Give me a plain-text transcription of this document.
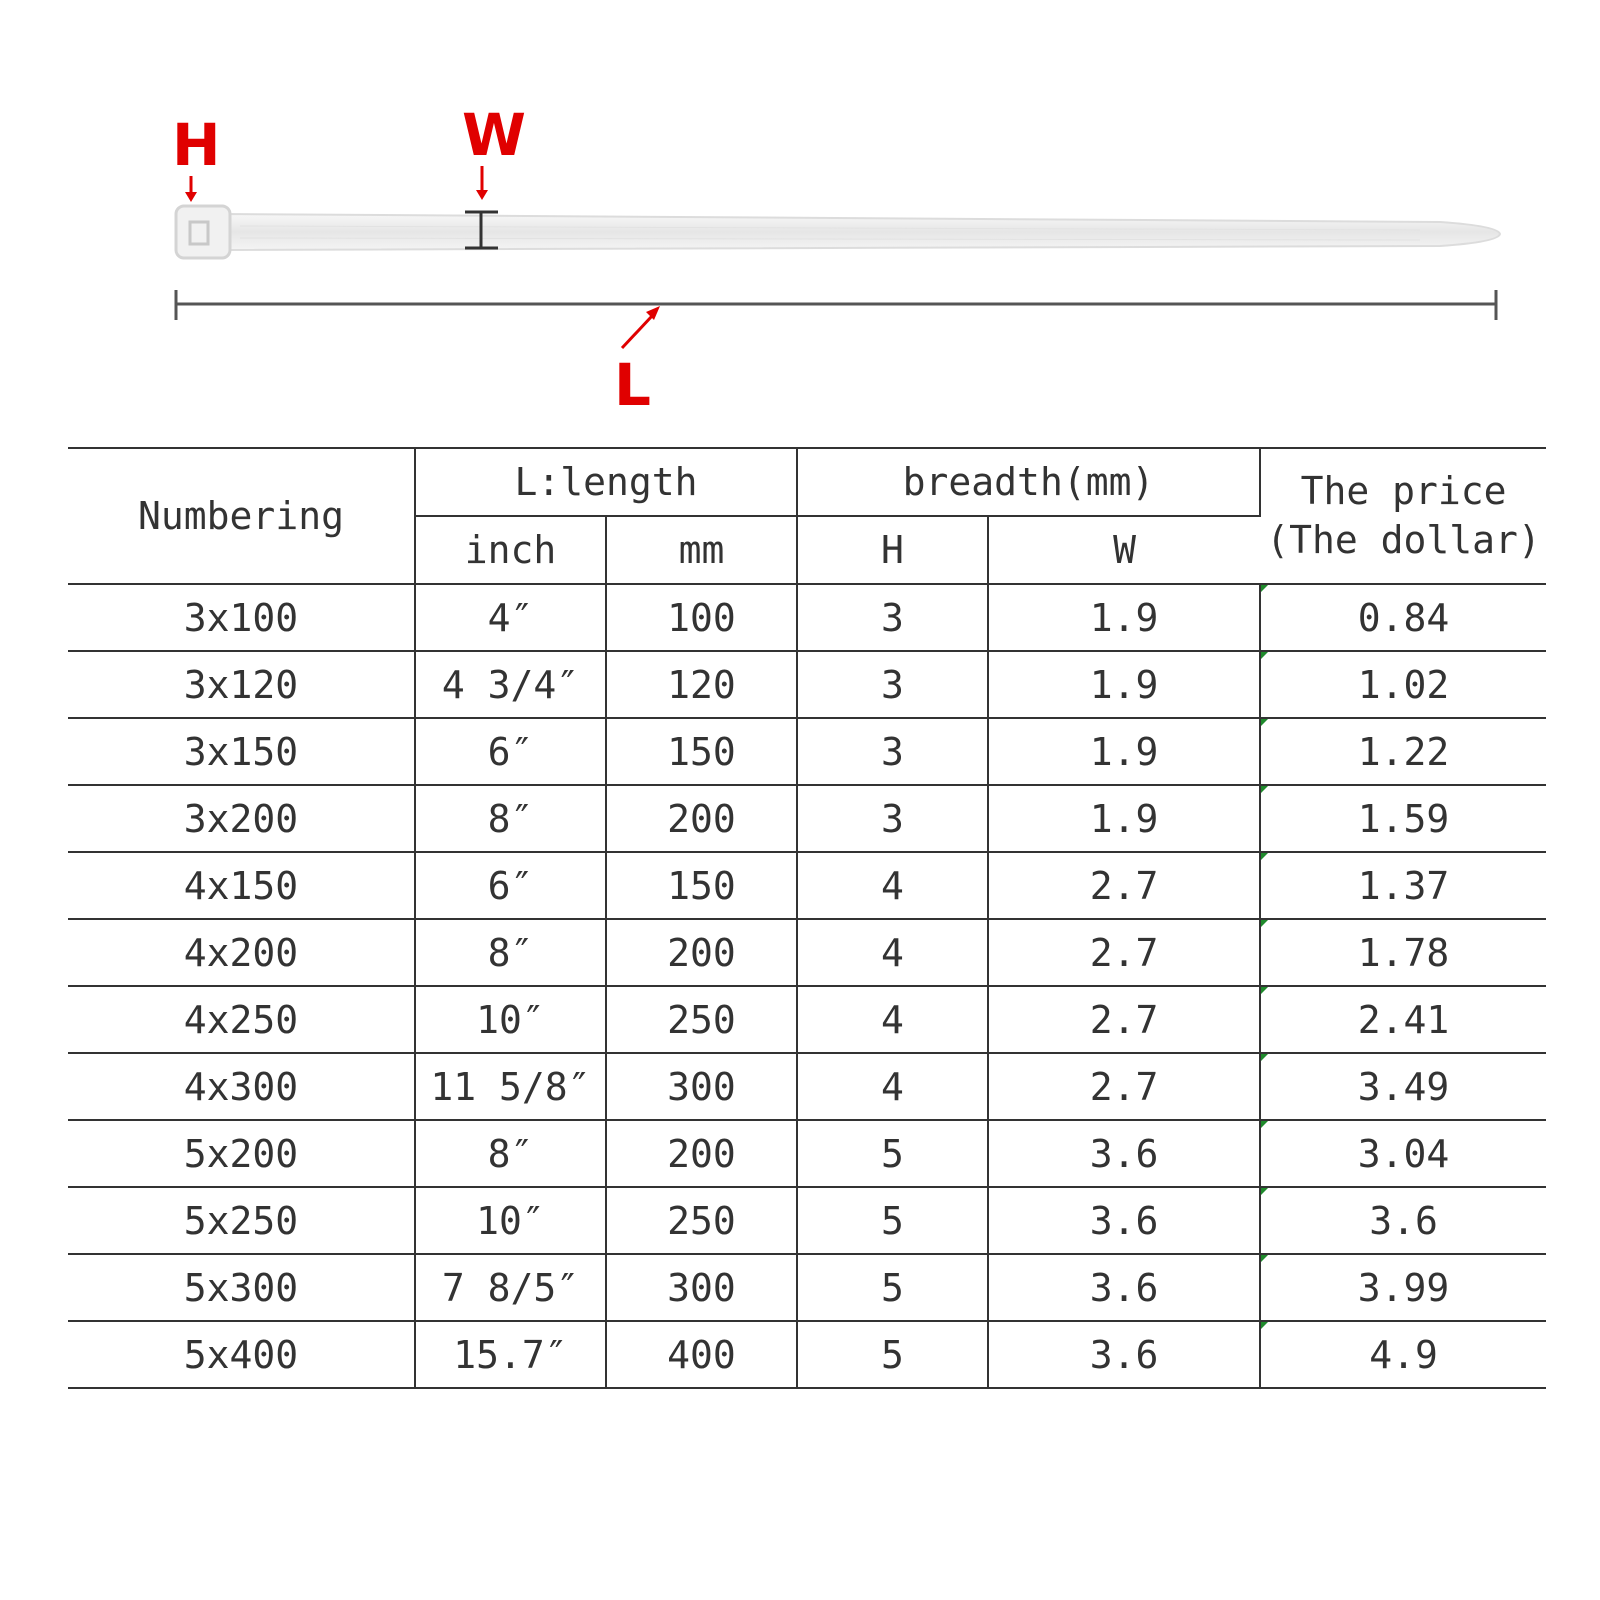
H	W
L
Numbering	L:length		breadth(mm)		The price
(The dollar)

	inch	mm	H	W	
3x100	4″	100	3	1.9	0.84
3x120	4 3/4″	120	3	1.9	1.02
3x150	6″	150	3	1.9	1.22
3x200	8″	200	3	1.9	1.59
4x150	6″	150	4	2.7	1.37
4x200	8″	200	4	2.7	1.78
4x250	10″	250	4	2.7	2.41
4x300	11 5/8″	300	4	2.7	3.49
5x200	8″	200	5	3.6	3.04
5x250	10″	250	5	3.6	3.6
5x300	7 8/5″	300	5	3.6	3.99
5x400	15.7″	400	5	3.6	4.9
